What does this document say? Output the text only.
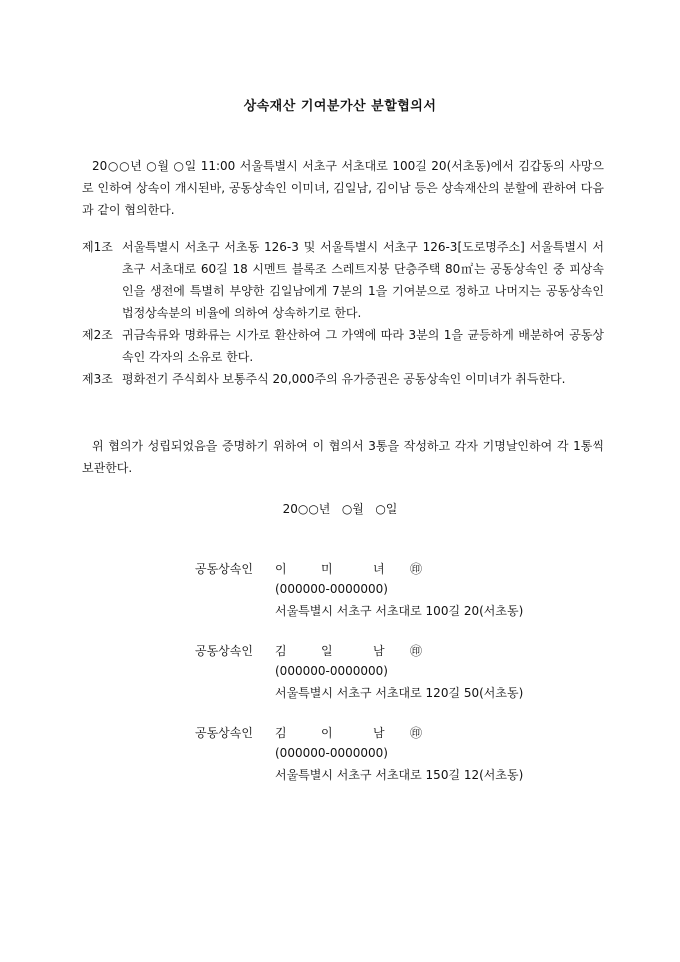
상속재산 기여분가산 분할협의서
20○○년 ○월 ○일 11:00 서울특별시 서초구 서초대로 100길 20(서초동)에서 김갑동의 사망으로 인하여 상속이 개시된바, 공동상속인 이미녀, 김일남, 김이남 등은 상속재산의 분할에 관하여 다음과 같이 협의한다.
제1조 서울특별시 서초구 서초동 126-3 및 서울특별시 서초구 126-3[도로명주소] 서울특별시 서초구 서초대로 60길 18 시멘트 블록조 스레트지붕 단층주택 80㎡는 공동상속인 중 피상속인을 생전에 특별히 부양한 김일남에게 7분의 1을 기여분으로 정하고 나머지는 공동상속인 법정상속분의 비율에 의하여 상속하기로 한다.
제2조 귀금속류와 명화류는 시가로 환산하여 그 가액에 따라 3분의 1을 균등하게 배분하여 공동상속인 각자의 소유로 한다.
제3조 평화전기 주식회사 보통주식 20,000주의 유가증권은 공동상속인 이미녀가 취득한다.
위 협의가 성립되었음을 증명하기 위하여 이 협의서 3통을 작성하고 각자 기명날인하여 각 1통씩 보관한다.
20○○년   ○월   ○일
공동상속인 이	미	녀 ㊞
(000000-0000000)
서울특별시 서초구 서초대로 100길 20(서초동)
공동상속인 김	일	남 ㊞
(000000-0000000)
서울특별시 서초구 서초대로 120길 50(서초동)
공동상속인 김	이	남 ㊞
(000000-0000000)
서울특별시 서초구 서초대로 150길 12(서초동)
